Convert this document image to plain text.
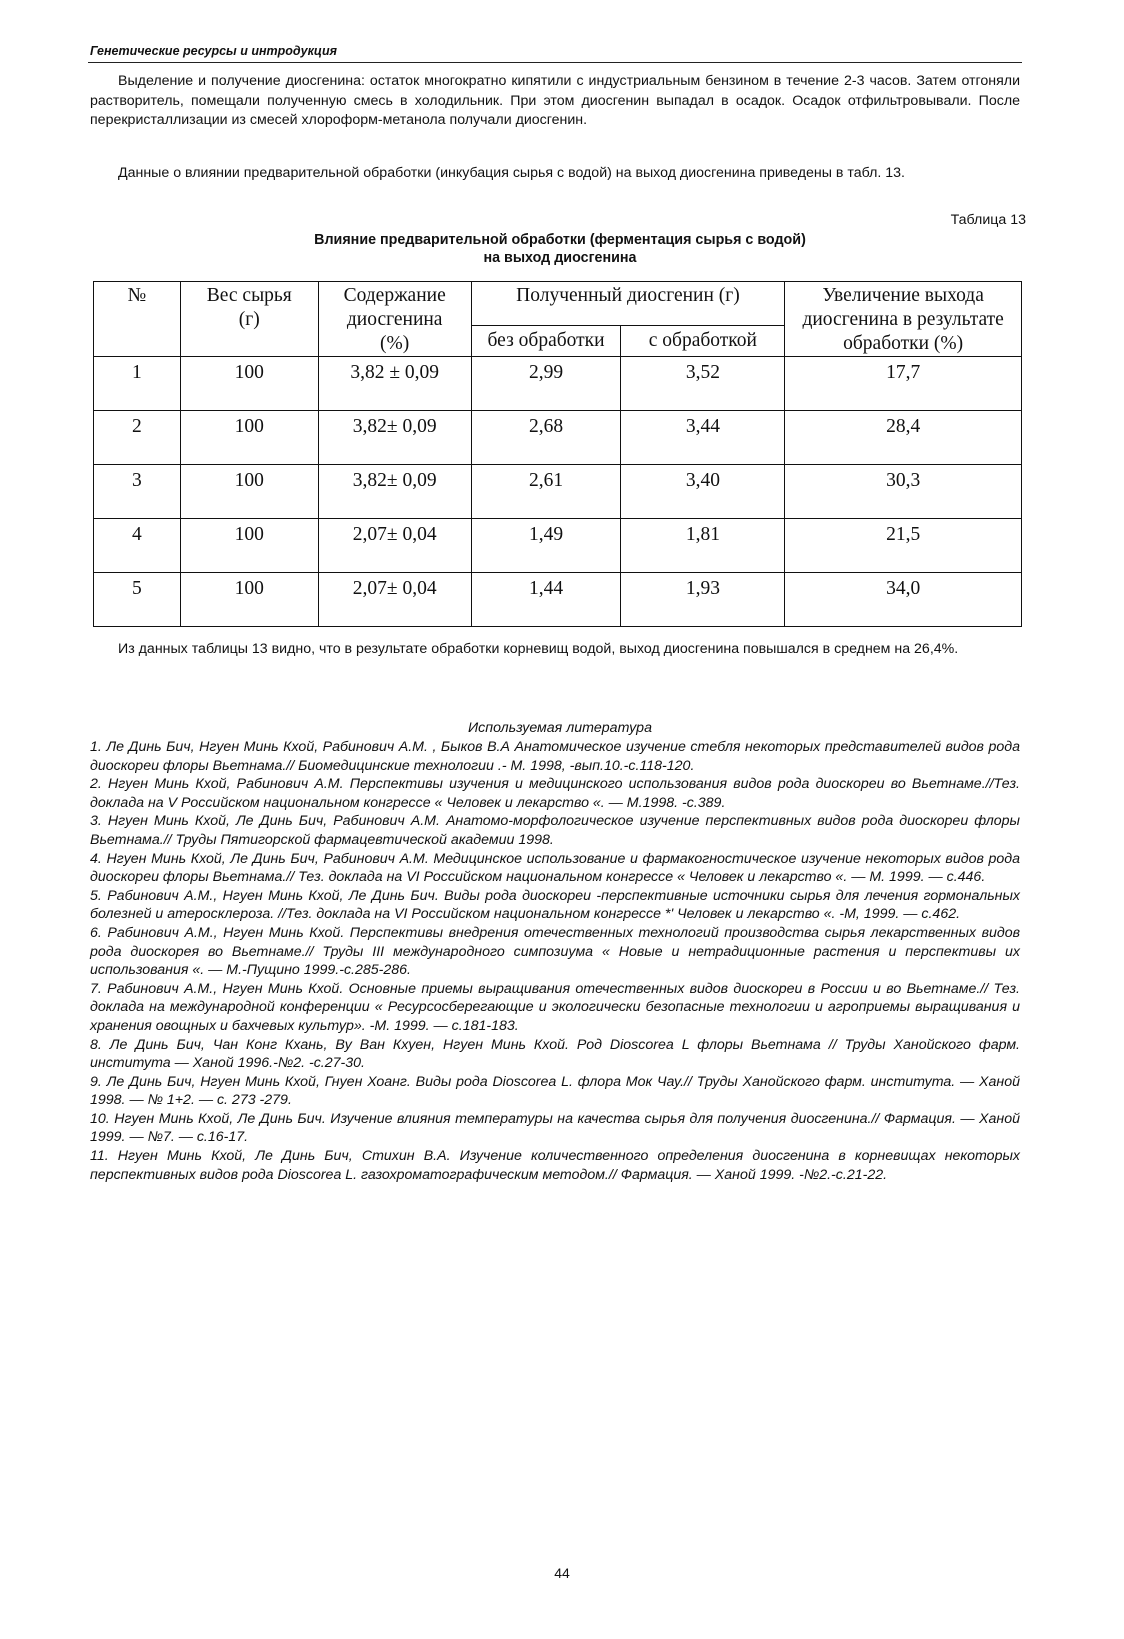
Генетические ресурсы и интродукция

Выделение и получение диосгенина: остаток многократно кипятили с индустриальным бензином в течение 2-3 часов. Затем отгоняли растворитель, помещали полученную смесь в холодильник. При этом диосгенин выпадал в осадок. Осадок отфильтровывали. После перекристаллизации из смесей хлороформ-метанола получали диосгенин.

Данные о влиянии предварительной обработки (инкубация сырья с водой) на выход диосгенина приведены в табл. 13.

Таблица 13
Влияние предварительной обработки (ферментация сырья с водой)
на выход диосгенина
№	Вес сырья (г)	Содержание диосгенина (%)	Полученный диосгенин (г)		Увеличение выхода диосгенина в результате обработки (%)
			без обработки	с обработкой	
1	100	3,82 ± 0,09	2,99	3,52	17,7
2	100	3,82± 0,09	2,68	3,44	28,4
3	100	3,82± 0,09	2,61	3,40	30,3
4	100	2,07± 0,04	1,49	1,81	21,5
5	100	2,07± 0,04	1,44	1,93	34,0

Из данных таблицы 13 видно, что в результате обработки корневищ водой, выход диосгенина повышался в среднем на 26,4%.

Используемая литература

1. Ле Динь Бич, Нгуен Минь Кхой, Рабинович А.М. , Быков В.А Анатомическое изучение стебля некоторых представителей видов рода диоскореи флоры Вьетнама.// Биомедицинские технологии .- М. 1998, -вып.10.-с.118-120.

2. Нгуен Минь Кхой, Рабинович А.М. Перспективы изучения и медицинского использования видов рода диоскореи во Вьетнаме.//Тез. доклада на V Российском национальном конгрессе « Человек и лекарство «. — М.1998. -с.389.

3. Нгуен Минь Кхой, Ле Динь Бич, Рабинович А.М. Анатомо-морфологическое изучение перспективных видов рода диоскореи флоры Вьетнама.// Труды Пятигорской фармацевтической академии 1998.

4. Нгуен Минь Кхой, Ле Динь Бич, Рабинович А.М. Медицинское использование и фармакогностическое изучение некоторых видов рода диоскореи флоры Вьетнама.// Тез. доклада на VI Российском национальном конгрессе « Человек и лекарство «. — М. 1999. — с.446.

5. Рабинович А.М., Нгуен Минь Кхой, Ле Динь Бич. Виды рода диоскореи -перспективные источники сырья для лечения гормональных болезней и атеросклероза. //Тез. доклада на VI Российском национальном конгрессе *' Человек и лекарство «. -М, 1999. — с.462.

6. Рабинович А.М., Нгуен Минь Кхой. Перспективы внедрения отечественных технологий производства сырья лекарственных видов рода диоскорея во Вьетнаме.// Труды III международного симпозиума « Новые и нетрадиционные растения и перспективы их использования «. — М.-Пущино 1999.-с.285-286.

7. Рабинович А.М., Нгуен Минь Кхой. Основные приемы выращивания отечественных видов диоскореи в России и во Вьетнаме.// Тез. доклада на международной конференции « Ресурсосберегающие и экологически безопасные технологии и агроприемы выращивания и хранения овощных и бахчевых культур». -М. 1999. — с.181-183.

8. Ле Динь Бич, Чан Конг Кхань, Ву Ван Кхуен, Нгуен Минь Кхой. Род Dioscorea L флоры Вьетнама // Труды Ханойского фарм. института — Ханой 1996.-№2. -с.27-30.

9. Ле Динь Бич, Нгуен Минь Кхой, Гнуен Хоанг. Виды рода Dioscorea L. флора Мок Чау.// Труды Ханойского фарм. института. — Ханой 1998. — № 1+2. — с. 273 -279.

10. Нгуен Минь Кхой, Ле Динь Бич. Изучение влияния температуры на качества сырья для получения диосгенина.// Фармация. — Ханой 1999. — №7. — с.16-17.

11. Нгуен Минь Кхой, Ле Динь Бич, Стихин В.А. Изучение количественного определения диосгенина в корневищах некоторых перспективных видов рода Dioscorea L. газохроматографическим методом.// Фармация. — Ханой 1999. -№2.-с.21-22.

44
